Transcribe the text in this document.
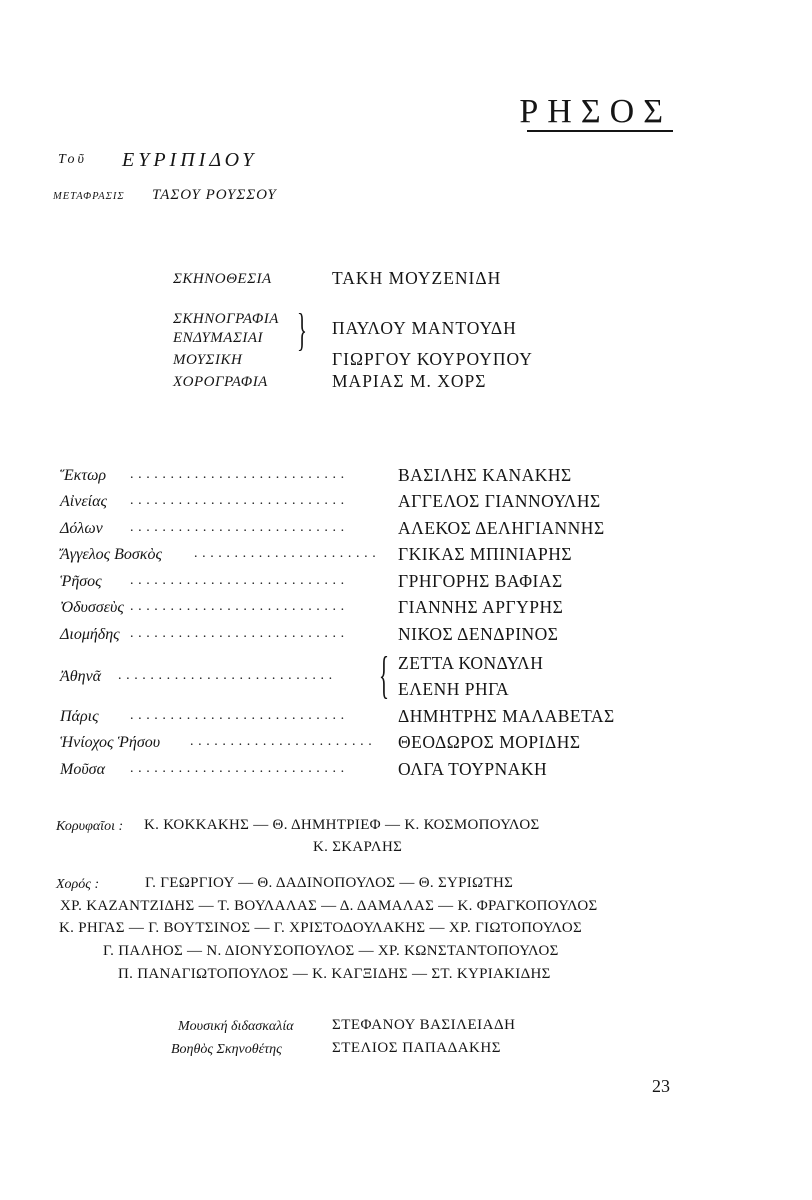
ΡΗΣΟΣ
Τοῦ ΕΥΡΙΠΙΔΟΥ
ΜΕΤΑΦΡΑΣΙΣ ΤΑΣΟΥ ΡΟΥΣΣΟΥ
ΣΚΗΝΟΘΕΣΙΑ	ΤΑΚΗ ΜΟΥΖΕΝΙΔΗ
ΣΚΗΝΟΓΡΑΦΙΑ
ΕΝΔΥΜΑΣΙΑΙ } ΠΑΥΛΟΥ ΜΑΝΤΟΥΔΗ
ΜΟΥΣΙΚΗ	ΓΙΩΡΓΟΥ ΚΟΥΡΟΥΠΟΥ
ΧΟΡΟΓΡΑΦΙΑ	ΜΑΡΙΑΣ Μ. ΧΟΡΣ
Ἕκτωρ ...........................	ΒΑΣΙΛΗΣ ΚΑΝΑΚΗΣ
Αἰνείας ...........................	ΑΓΓΕΛΟΣ ΓΙΑΝΝΟΥΛΗΣ
Δόλων ...........................	ΑΛΕΚΟΣ ΔΕΛΗΓΙΑΝΝΗΣ
Ἄγγελος Βοσκὸς ....................... ΓΚΙΚΑΣ ΜΠΙΝΙΑΡΗΣ
Ῥῆσος ...........................	ΓΡΗΓΟΡΗΣ ΒΑΦΙΑΣ
Ὀδυσσεὺς ...........................	ΓΙΑΝΝΗΣ ΑΡΓΥΡΗΣ
Διομήδης ...........................	ΝΙΚΟΣ ΔΕΝΔΡΙΝΟΣ
Ἀθηνᾶ ........................... { ΖΕΤΤΑ ΚΟΝΔΥΛΗ
ΕΛΕΝΗ ΡΗΓΑ
Πάρις ...........................	ΔΗΜΗΤΡΗΣ ΜΑΛΑΒΕΤΑΣ
Ἡνίοχος Ῥήσου ....................... ΘΕΟΔΩΡΟΣ ΜΟΡΙΔΗΣ
Μοῦσα ...........................	ΟΛΓΑ ΤΟΥΡΝΑΚΗ
Κορυφαῖοι : Κ. ΚΟΚΚΑΚΗΣ — Θ. ΔΗΜΗΤΡΙΕΦ — Κ. ΚΟΣΜΟΠΟΥΛΟΣ
Κ. ΣΚΑΡΛΗΣ
Χορός :	Γ. ΓΕΩΡΓΙΟΥ — Θ. ΔΑΔΙΝΟΠΟΥΛΟΣ — Θ. ΣΥΡΙΩΤΗΣ
ΧΡ. ΚΑΖΑΝΤΖΙΔΗΣ — Τ. ΒΟΥΛΑΛΑΣ — Δ. ΔΑΜΑΛΑΣ — Κ. ΦΡΑΓΚΟΠΟΥΛΟΣ
Κ. ΡΗΓΑΣ — Γ. ΒΟΥΤΣΙΝΟΣ — Γ. ΧΡΙΣΤΟΔΟΥΛΑΚΗΣ — ΧΡ. ΓΙΩΤΟΠΟΥΛΟΣ
Γ. ΠΑΛΗΟΣ — Ν. ΔΙΟΝΥΣΟΠΟΥΛΟΣ — ΧΡ. ΚΩΝΣΤΑΝΤΟΠΟΥΛΟΣ
Π. ΠΑΝΑΓΙΩΤΟΠΟΥΛΟΣ — Κ. ΚΑΓΞΙΔΗΣ — ΣΤ. ΚΥΡΙΑΚΙΔΗΣ
Μουσική διδασκαλία	ΣΤΕΦΑΝΟΥ ΒΑΣΙΛΕΙΑΔΗ
Βοηθὸς Σκηνοθέτης	ΣΤΕΛΙΟΣ ΠΑΠΑΔΑΚΗΣ
23
